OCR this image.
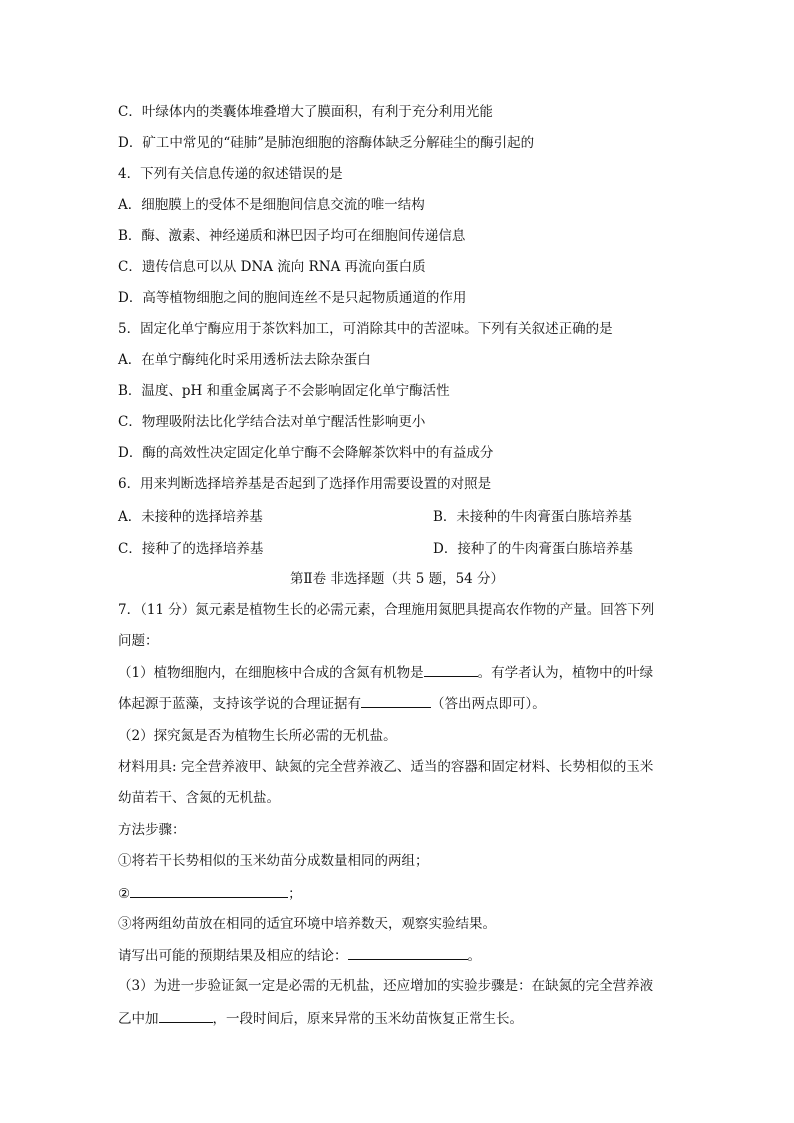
C．叶绿体内的类囊体堆叠增大了膜面积，有利于充分利用光能
D．矿工中常见的“硅肺”是肺泡细胞的溶酶体缺乏分解硅尘的酶引起的
4．下列有关信息传递的叙述错误的是
A．细胞膜上的受体不是细胞间信息交流的唯一结构
B．酶、激素、神经递质和淋巴因子均可在细胞间传递信息
C．遗传信息可以从 DNA 流向 RNA 再流向蛋白质
D．高等植物细胞之间的胞间连丝不是只起物质通道的作用
5．固定化单宁酶应用于茶饮料加工，可消除其中的苦涩味。下列有关叙述正确的是
A．在单宁酶纯化时采用透析法去除杂蛋白
B．温度、pH 和重金属离子不会影响固定化单宁酶活性
C．物理吸附法比化学结合法对单宁醒活性影响更小
D．酶的高效性决定固定化单宁酶不会降解茶饮料中的有益成分
6．用来判断选择培养基是否起到了选择作用需要设置的对照是
A．未接种的选择培养基	B．未接种的牛肉膏蛋白胨培养基
C．接种了的选择培养基	D．接种了的牛肉膏蛋白胨培养基
第Ⅱ卷 非选择题（共 5 题，54 分）
7．（11 分）氮元素是植物生长的必需元素，合理施用氮肥具提高农作物的产量。回答下列
问题：
（1）植物细胞内，在细胞核中合成的含氮有机物是	。有学者认为，植物中的叶绿
体起源于蓝藻，支持该学说的合理证据有	（答出两点即可）。
（2）探究氮是否为植物生长所必需的无机盐。
材料用具: 完全营养液甲、缺氮的完全营养液乙、适当的容器和固定材料、长势相似的玉米
幼苗若干、含氮的无机盐。
方法步骤：
①将若干长势相似的玉米幼苗分成数量相同的两组；
②	；
③将两组幼苗放在相同的适宜环境中培养数天，观察实验结果。
请写出可能的预期结果及相应的结论：	。
（3）为进一步验证氮一定是必需的无机盐，还应增加的实验步骤是：在缺氮的完全营养液
乙中加	，一段时间后，原来异常的玉米幼苗恢复正常生长。
